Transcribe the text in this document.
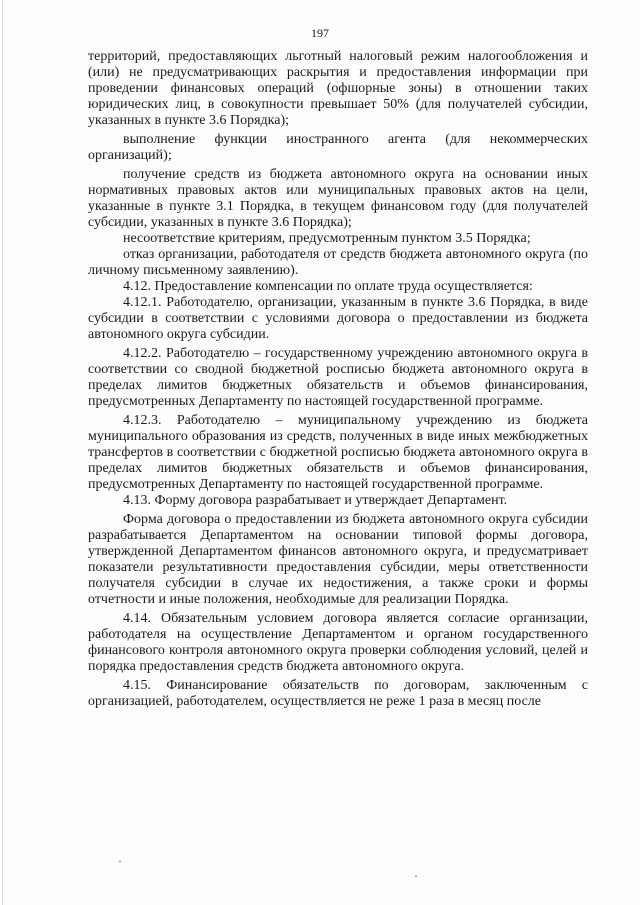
197

территорий, предоставляющих льготный налоговый режим налогообложения и (или) не предусматривающих раскрытия и предоставления информации при проведении финансовых операций (офшорные зоны) в отношении таких юридических лиц, в совокупности превышает 50% (для получателей субсидии, указанных в пункте 3.6 Порядка);

выполнение функции иностранного агента (для некоммерческих организаций);

получение средств из бюджета автономного округа на основании иных нормативных правовых актов или муниципальных правовых актов на цели, указанные в пункте 3.1 Порядка, в текущем финансовом году (для получателей субсидии, указанных в пункте 3.6 Порядка);

несоответствие критериям, предусмотренным пунктом 3.5 Порядка;

отказ организации, работодателя от средств бюджета автономного округа (по личному письменному заявлению).

4.12. Предоставление компенсации по оплате труда осуществляется:

4.12.1. Работодателю, организации, указанным в пункте 3.6 Порядка, в виде субсидии в соответствии с условиями договора о предоставлении из бюджета автономного округа субсидии.

4.12.2. Работодателю – государственному учреждению автономного округа в соответствии со сводной бюджетной росписью бюджета автономного округа в пределах лимитов бюджетных обязательств и объемов финансирования, предусмотренных Департаменту по настоящей государственной программе.

4.12.3. Работодателю – муниципальному учреждению из бюджета муниципального образования из средств, полученных в виде иных межбюджетных трансфертов в соответствии с бюджетной росписью бюджета автономного округа в пределах лимитов бюджетных обязательств и объемов финансирования, предусмотренных Департаменту по настоящей государственной программе.

4.13. Форму договора разрабатывает и утверждает Департамент.

Форма договора о предоставлении из бюджета автономного округа субсидии разрабатывается Департаментом на основании типовой формы договора, утвержденной Департаментом финансов автономного округа, и предусматривает показатели результативности предоставления субсидии, меры ответственности получателя субсидии в случае их недостижения, а также сроки и формы отчетности и иные положения, необходимые для реализации Порядка.

4.14. Обязательным условием договора является согласие организации, работодателя на осуществление Департаментом и органом государственного финансового контроля автономного округа проверки соблюдения условий, целей и порядка предоставления средств бюджета автономного округа.

4.15. Финансирование обязательств по договорам, заключенным с организацией, работодателем, осуществляется не реже 1 раза в месяц после

·
·
